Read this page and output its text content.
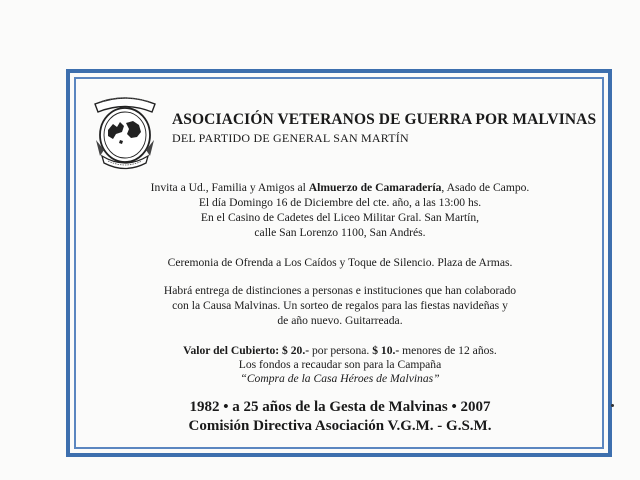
ASOCIACIÓN VETERANOS DE GUERRA POR MALVINAS
DEL PARTIDO DE GENERAL SAN MARTÍN
Invita a Ud., Familia y Amigos al Almuerzo de Camaradería, Asado de Campo.
El día Domingo 16 de Diciembre del cte. año, a las 13:00 hs.
En el Casino de Cadetes del Liceo Militar Gral. San Martín,
calle San Lorenzo 1100, San Andrés.
Ceremonia de Ofrenda a Los Caídos y Toque de Silencio. Plaza de Armas.
Habrá entrega de distinciones a personas e instituciones que han colaborado
con la Causa Malvinas. Un sorteo de regalos para las fiestas navideñas y
de año nuevo. Guitarreada.
Valor del Cubierto: $ 20.- por persona. $ 10.- menores de 12 años.
Los fondos a recaudar son para la Campaña
“Compra de la Casa Héroes de Malvinas”
1982 • a 25 años de la Gesta de Malvinas • 2007
Comisión Directiva Asociación V.G.M. - G.S.M.
